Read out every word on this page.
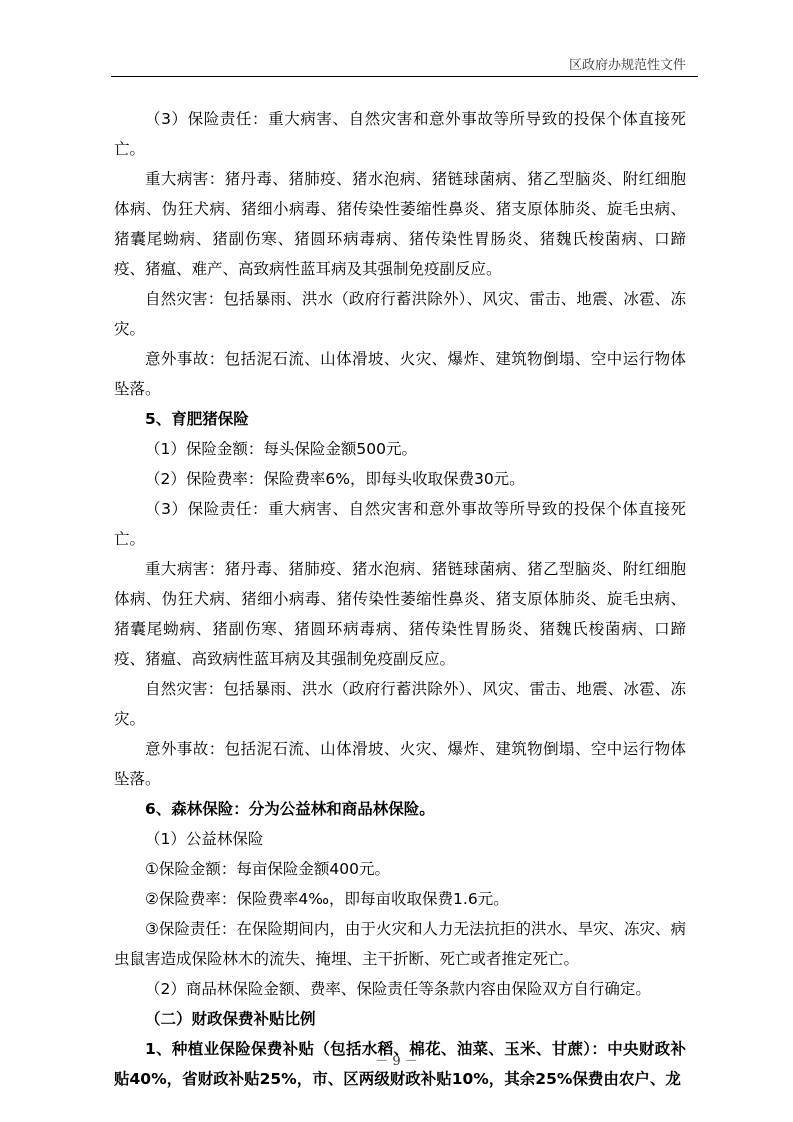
区政府办规范性文件

（3）保险责任：重大病害、自然灾害和意外事故等所导致的投保个体直接死亡。

重大病害：猪丹毒、猪肺疫、猪水泡病、猪链球菌病、猪乙型脑炎、附红细胞体病、伪狂犬病、猪细小病毒、猪传染性萎缩性鼻炎、猪支原体肺炎、旋毛虫病、猪囊尾蚴病、猪副伤寒、猪圆环病毒病、猪传染性胃肠炎、猪魏氏梭菌病、口蹄疫、猪瘟、难产、高致病性蓝耳病及其强制免疫副反应。

自然灾害：包括暴雨、洪水（政府行蓄洪除外）、风灾、雷击、地震、冰雹、冻灾。

意外事故：包括泥石流、山体滑坡、火灾、爆炸、建筑物倒塌、空中运行物体坠落。

5、育肥猪保险

（1）保险金额：每头保险金额500元。

（2）保险费率：保险费率6%，即每头收取保费30元。

（3）保险责任：重大病害、自然灾害和意外事故等所导致的投保个体直接死亡。

重大病害：猪丹毒、猪肺疫、猪水泡病、猪链球菌病、猪乙型脑炎、附红细胞体病、伪狂犬病、猪细小病毒、猪传染性萎缩性鼻炎、猪支原体肺炎、旋毛虫病、猪囊尾蚴病、猪副伤寒、猪圆环病毒病、猪传染性胃肠炎、猪魏氏梭菌病、口蹄疫、猪瘟、高致病性蓝耳病及其强制免疫副反应。

自然灾害：包括暴雨、洪水（政府行蓄洪除外）、风灾、雷击、地震、冰雹、冻灾。

意外事故：包括泥石流、山体滑坡、火灾、爆炸、建筑物倒塌、空中运行物体坠落。

6、森林保险：分为公益林和商品林保险。

（1）公益林保险

①保险金额：每亩保险金额400元。

②保险费率：保险费率4‰，即每亩收取保费1.6元。

③保险责任：在保险期间内，由于火灾和人力无法抗拒的洪水、旱灾、冻灾、病虫鼠害造成保险林木的流失、掩埋、主干折断、死亡或者推定死亡。

（2）商品林保险金额、费率、保险责任等条款内容由保险双方自行确定。

（二）财政保费补贴比例

1、种植业保险保费补贴（包括水稻、棉花、油菜、玉米、甘蔗）：中央财政补贴40%，省财政补贴25%，市、区两级财政补贴10%，其余25%保费由农户、龙

－ 9 －
